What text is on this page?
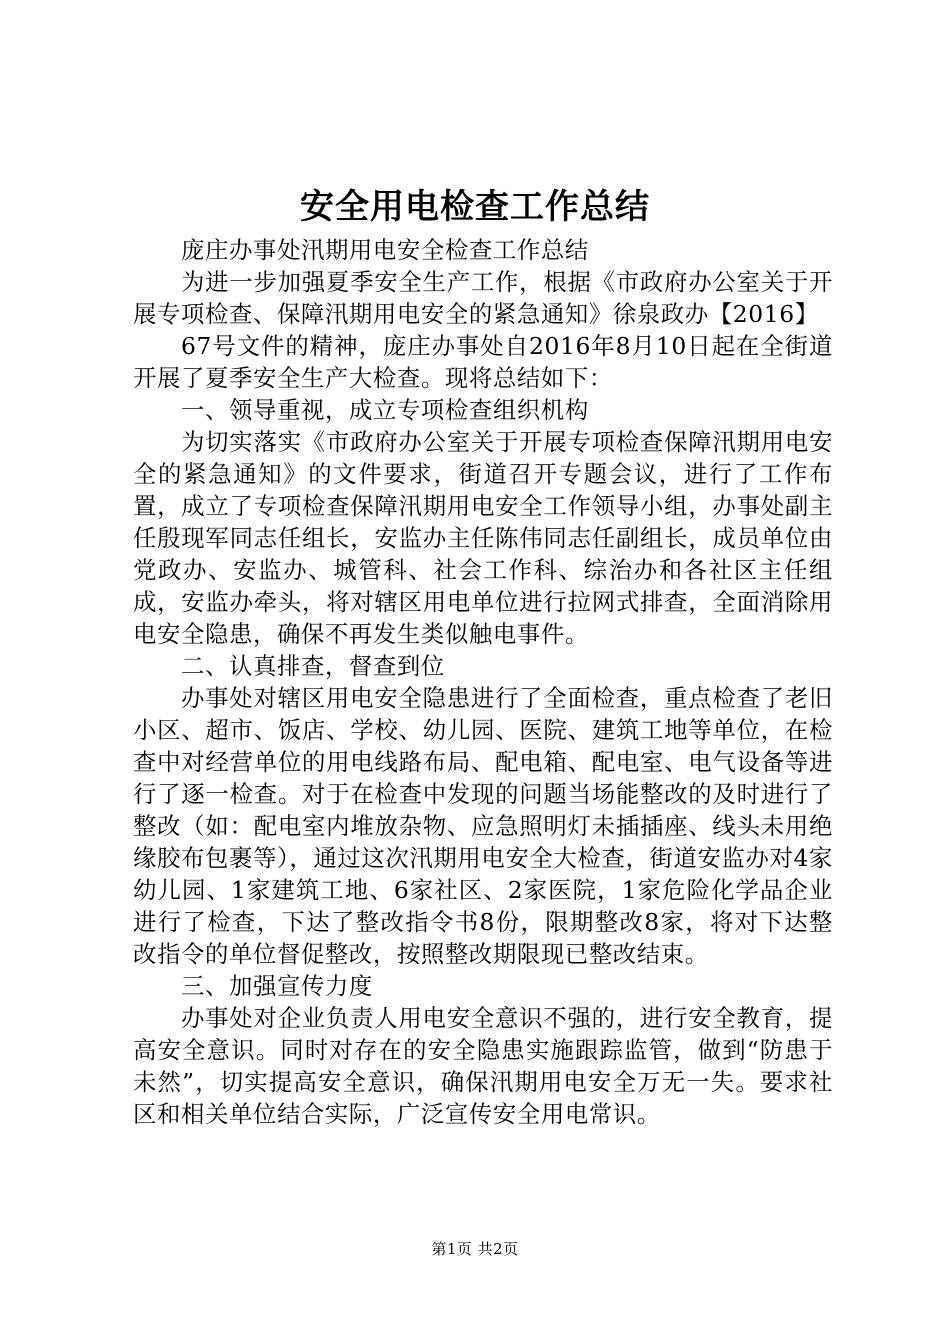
安全用电检查工作总结

庞庄办事处汛期用电安全检查工作总结

为进一步加强夏季安全生产工作，根据《市政府办公室关于开展专项检查、保障汛期用电安全的紧急通知》徐泉政办【2016】

67号文件的精神，庞庄办事处自2016年8月10日起在全街道开展了夏季安全生产大检查。现将总结如下：

一、领导重视，成立专项检查组织机构

为切实落实《市政府办公室关于开展专项检查保障汛期用电安全的紧急通知》的文件要求，街道召开专题会议，进行了工作布置，成立了专项检查保障汛期用电安全工作领导小组，办事处副主任殷现军同志任组长，安监办主任陈伟同志任副组长，成员单位由党政办、安监办、城管科、社会工作科、综治办和各社区主任组成，安监办牵头，将对辖区用电单位进行拉网式排查，全面消除用电安全隐患，确保不再发生类似触电事件。

二、认真排查，督查到位

办事处对辖区用电安全隐患进行了全面检查，重点检查了老旧小区、超市、饭店、学校、幼儿园、医院、建筑工地等单位，在检查中对经营单位的用电线路布局、配电箱、配电室、电气设备等进行了逐一检查。对于在检查中发现的问题当场能整改的及时进行了整改（如：配电室内堆放杂物、应急照明灯未插插座、线头未用绝缘胶布包裹等），通过这次汛期用电安全大检查，街道安监办对4家幼儿园、1家建筑工地、6家社区、2家医院，1家危险化学品企业进行了检查，下达了整改指令书8份，限期整改8家，将对下达整改指令的单位督促整改，按照整改期限现已整改结束。

三、加强宣传力度

办事处对企业负责人用电安全意识不强的，进行安全教育，提高安全意识。同时对存在的安全隐患实施跟踪监管，做到“防患于未然”，切实提高安全意识，确保汛期用电安全万无一失。要求社区和相关单位结合实际，广泛宣传安全用电常识。

第1页 共2页
